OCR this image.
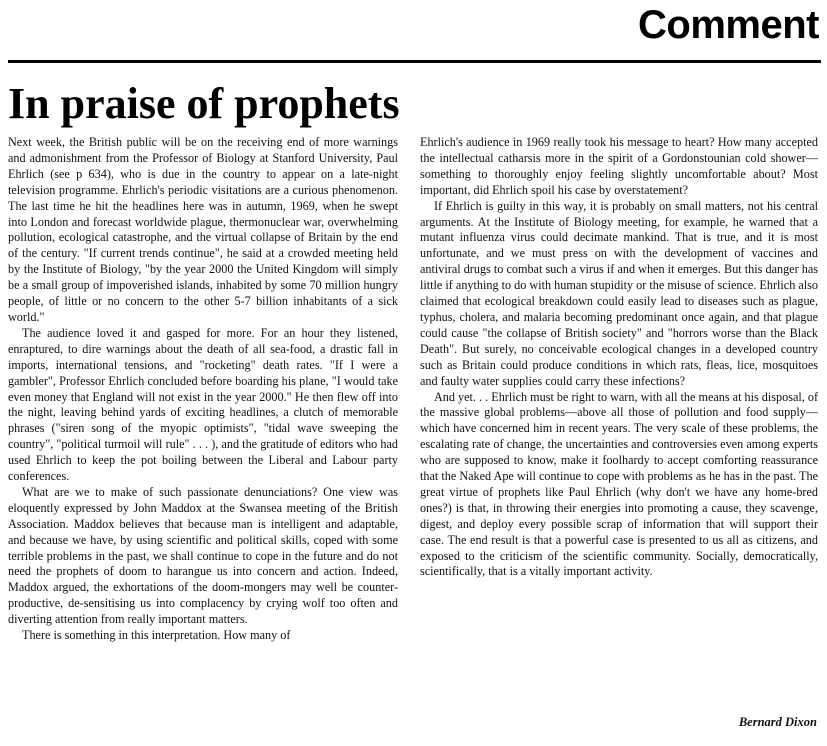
Comment
In praise of prophets

Next week, the British public will be on the receiving end of more warnings and admonishment from the Professor of Biology at Stanford University, Paul Ehrlich (see p 634), who is due in the country to appear on a late-night television programme. Ehrlich's periodic visitations are a curious phenomenon. The last time he hit the headlines here was in autumn, 1969, when he swept into London and forecast worldwide plague, thermonuclear war, overwhelming pollution, ecological catastrophe, and the virtual collapse of Britain by the end of the century. "If current trends continue", he said at a crowded meeting held by the Institute of Biology, "by the year 2000 the United Kingdom will simply be a small group of impoverished islands, inhabited by some 70 million hungry people, of little or no concern to the other 5-7 billion inhabitants of a sick world."

The audience loved it and gasped for more. For an hour they listened, enraptured, to dire warnings about the death of all sea-food, a drastic fall in imports, international tensions, and "rocketing" death rates. "If I were a gambler", Professor Ehrlich concluded before boarding his plane, "I would take even money that England will not exist in the year 2000." He then flew off into the night, leaving behind yards of exciting headlines, a clutch of memorable phrases ("siren song of the myopic optimists", "tidal wave sweeping the country", "political turmoil will rule" . . . ), and the gratitude of editors who had used Ehrlich to keep the pot boiling between the Liberal and Labour party conferences.

What are we to make of such passionate denunciations? One view was eloquently expressed by John Maddox at the Swansea meeting of the British Association. Maddox believes that because man is intelligent and adaptable, and because we have, by using scientific and political skills, coped with some terrible problems in the past, we shall continue to cope in the future and do not need the prophets of doom to harangue us into concern and action. Indeed, Maddox argued, the exhortations of the doom-mongers may well be counter-productive, de-sensitising us into complacency by crying wolf too often and diverting attention from really important matters.

There is something in this interpretation. How many of

Ehrlich's audience in 1969 really took his message to heart? How many accepted the intellectual catharsis more in the spirit of a Gordonstounian cold shower—something to thoroughly enjoy feeling slightly uncomfortable about? Most important, did Ehrlich spoil his case by overstatement?

If Ehrlich is guilty in this way, it is probably on small matters, not his central arguments. At the Institute of Biology meeting, for example, he warned that a mutant influenza virus could decimate mankind. That is true, and it is most unfortunate, and we must press on with the development of vaccines and antiviral drugs to combat such a virus if and when it emerges. But this danger has little if anything to do with human stupidity or the misuse of science. Ehrlich also claimed that ecological breakdown could easily lead to diseases such as plague, typhus, cholera, and malaria becoming predominant once again, and that plague could cause "the collapse of British society" and "horrors worse than the Black Death". But surely, no conceivable ecological changes in a developed country such as Britain could produce conditions in which rats, fleas, lice, mosquitoes and faulty water supplies could carry these infections?

And yet. . . Ehrlich must be right to warn, with all the means at his disposal, of the massive global problems—above all those of pollution and food supply—which have concerned him in recent years. The very scale of these problems, the escalating rate of change, the uncertainties and controversies even among experts who are supposed to know, make it foolhardy to accept comforting reassurance that the Naked Ape will continue to cope with problems as he has in the past. The great virtue of prophets like Paul Ehrlich (why don't we have any home-bred ones?) is that, in throwing their energies into promoting a cause, they scavenge, digest, and deploy every possible scrap of information that will support their case. The end result is that a powerful case is presented to us all as citizens, and exposed to the criticism of the scientific community. Socially, democratically, scientifically, that is a vitally important activity.

Bernard Dixon
